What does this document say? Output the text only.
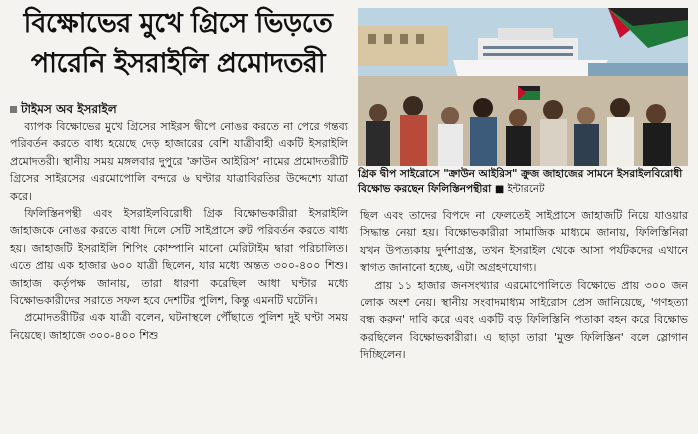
বিক্ষোভের মুখে গ্রিসে ভিড়তে
পারেনি ইসরাইলি প্রমোদতরী
টাইমস অব ইসরাইল

ব্যাপক বিক্ষোভের মুখে গ্রিসের সাইরস দ্বীপে নোঙর করতে না পেরে গন্তব্য পরিবর্তন করতে বাধ্য হয়েছে দেড় হাজারের বেশি যাত্রীবাহী একটি ইসরাইলি প্রমোদতরী। স্থানীয় সময় মঙ্গলবার দুপুরে 'ক্রাউন আইরিস' নামের প্রমোদতরীটি গ্রিসের সাইরসের এরমোপোলি বন্দরে ৬ ঘণ্টার যাত্রাবিরতির উদ্দেশ্যে যাত্রা করে।

ফিলিস্তিনপন্থী এবং ইসরাইলবিরোধী গ্রিক বিক্ষোভকারীরা ইসরাইলি জাহাজকে নোঙর করতে বাধা দিলে সেটি সাইপ্রাসে রুট পরিবর্তন করতে বাধ্য হয়। জাহাজটি ইসরাইলি শিপিং কোম্পানি মানো মেরিটাইম দ্বারা পরিচালিত। এতে প্রায় এক হাজার ৬০০ যাত্রী ছিলেন, যার মধ্যে অন্তত ৩০০-৪০০ শিশু। জাহাজ কর্তৃপক্ষ জানায়, তারা ধারণা করেছিল আধা ঘণ্টার মধ্যে বিক্ষোভকারীদের সরাতে সফল হবে দেশটির পুলিশ, কিন্তু এমনটি ঘটেনি।

প্রমোদতরীটির এক যাত্রী বলেন, ঘটনাস্থলে পৌঁছাতে পুলিশ দুই ঘণ্টা সময় নিয়েছে। জাহাজে ৩০০-৪০০ শিশু

গ্রিক দ্বীপ সাইরোসে "ক্রাউন আইরিস" ক্রুজ জাহাজের সামনে ইসরাইলবিরোধী বিক্ষোভ করছেন ফিলিস্তিনপন্থীরা ■ ইন্টারনেট

ছিল এবং তাদের বিপদে না ফেলতেই সাইপ্রাসে জাহাজটি নিয়ে যাওয়ার সিদ্ধান্ত নেয়া হয়। বিক্ষোভকারীরা সামাজিক মাধ্যমে জানায়, ফিলিস্তিনিরা যখন উপত্যকায় দুর্দশাগ্রস্ত, তখন ইসরাইল থেকে আসা পর্যটকদের এখানে স্বাগত জানানো হচ্ছে, এটা অগ্রহণযোগ্য।

প্রায় ১১ হাজার জনসংখ্যার এরমোপোলিতে বিক্ষোভে প্রায় ৩০০ জন লোক অংশ নেয়। স্থানীয় সংবাদমাধ্যম সাইরোস প্রেস জানিয়েছে, 'গণহত্যা বন্ধ করুন' দাবি করে এবং একটি বড় ফিলিস্তিনি পতাকা বহন করে বিক্ষোভ করছিলেন বিক্ষোভকারীরা। এ ছাড়া তারা 'মুক্ত ফিলিস্তিন' বলে স্লোগান দিচ্ছিলেন।
